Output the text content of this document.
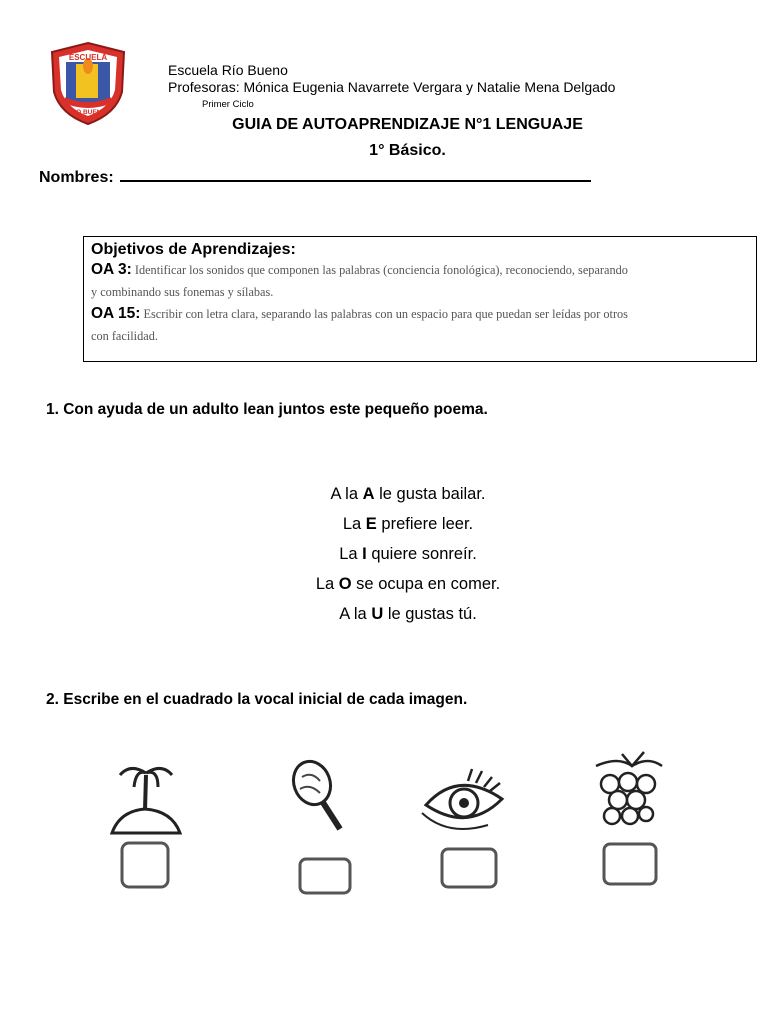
ESCUELA
RIO BUENO
Escuela Río Bueno
Profesoras: Mónica Eugenia Navarrete Vergara y Natalie Mena Delgado
Primer Ciclo
GUIA DE AUTOAPRENDIZAJE N°1 LENGUAJE
1° Básico.
Nombres:
Objetivos de Aprendizajes:
OA 3: Identificar los sonidos que componen las palabras (conciencia fonológica), reconociendo, separando
y combinando sus fonemas y sílabas.
OA 15: Escribir con letra clara, separando las palabras con un espacio para que puedan ser leídas por otros
con facilidad.
1. Con ayuda de un adulto lean juntos este pequeño poema.
A la A le gusta bailar.
La E prefiere leer.
La I quiere sonreír.
La O se ocupa en comer.
A la U le gustas tú.
2. Escribe en el cuadrado la vocal inicial de cada imagen.
